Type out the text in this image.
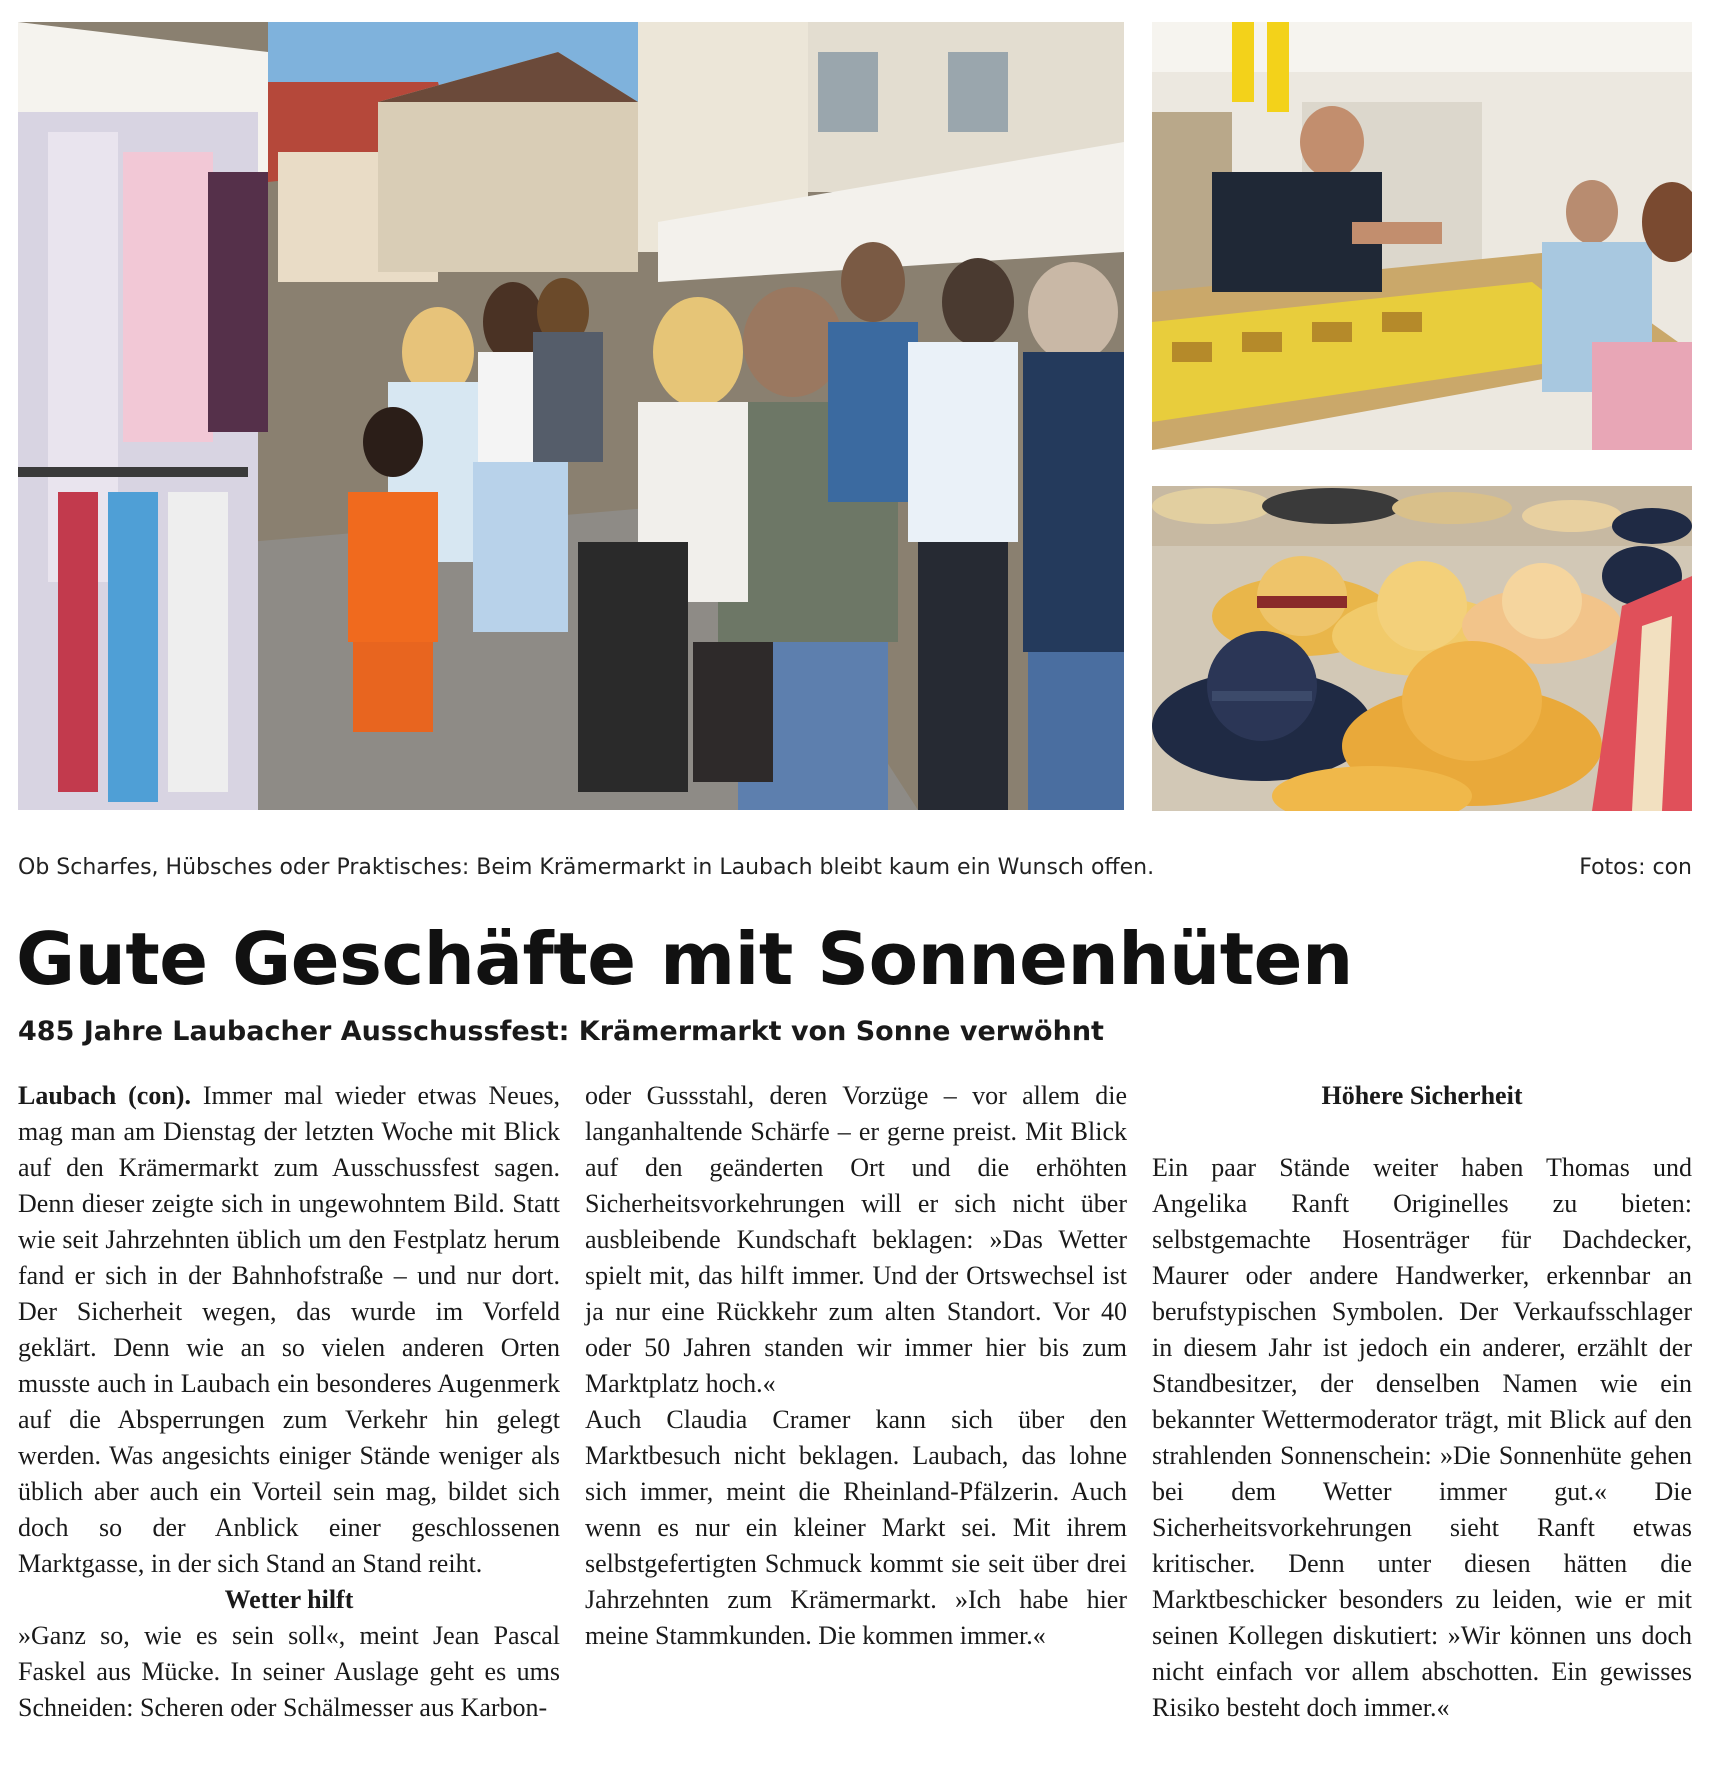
Ob Scharfes, Hübsches oder Praktisches: Beim Krämermarkt in Laubach bleibt kaum ein Wunsch offen.	Fotos: con
Gute Geschäfte mit Sonnenhüten
485 Jahre Laubacher Ausschussfest: Krämermarkt von Sonne verwöhnt

Laubach (con). Immer mal wieder etwas Neues, mag man am Dienstag der letzten Woche mit Blick auf den Krämermarkt zum Ausschussfest sagen. Denn dieser zeigte sich in ungewohntem Bild. Statt wie seit Jahrzehnten üblich um den Festplatz herum fand er sich in der Bahnhofstraße – und nur dort. Der Sicherheit wegen, das wurde im Vorfeld geklärt. Denn wie an so vielen anderen Orten musste auch in Laubach ein besonderes Augenmerk auf die Absperrungen zum Verkehr hin gelegt werden. Was angesichts einiger Stände weniger als üblich aber auch ein Vorteil sein mag, bildet sich doch so der Anblick einer geschlossenen Marktgasse, in der sich Stand an Stand reiht.

Wetter hilft

»Ganz so, wie es sein soll«, meint Jean Pascal Faskel aus Mücke. In seiner Auslage geht es ums Schneiden: Scheren oder Schälmesser aus Karbon-

oder Gussstahl, deren Vorzüge – vor allem die langanhaltende Schärfe – er gerne preist. Mit Blick auf den geänderten Ort und die erhöhten Sicherheitsvorkehrungen will er sich nicht über ausbleibende Kundschaft beklagen: »Das Wetter spielt mit, das hilft immer. Und der Ortswechsel ist ja nur eine Rückkehr zum alten Standort. Vor 40 oder 50 Jahren standen wir immer hier bis zum Marktplatz hoch.«

Auch Claudia Cramer kann sich über den Marktbesuch nicht beklagen. Laubach, das lohne sich immer, meint die Rheinland-Pfälzerin. Auch wenn es nur ein kleiner Markt sei. Mit ihrem selbstgefertigten Schmuck kommt sie seit über drei Jahrzehnten zum Krämermarkt. »Ich habe hier meine Stammkunden. Die kommen immer.«

Höhere Sicherheit

Ein paar Stände weiter haben Thomas und Angelika Ranft Originelles zu bieten: selbstgemachte Hosenträger für Dachdecker, Maurer oder andere Handwerker, erkennbar an berufstypischen Symbolen. Der Verkaufsschlager in diesem Jahr ist jedoch ein anderer, erzählt der Standbesitzer, der denselben Namen wie ein bekannter Wettermoderator trägt, mit Blick auf den strahlenden Sonnenschein: »Die Sonnenhüte gehen bei dem Wetter immer gut.« Die Sicherheitsvorkehrungen sieht Ranft etwas kritischer. Denn unter diesen hätten die Marktbeschicker besonders zu leiden, wie er mit seinen Kollegen diskutiert: »Wir können uns doch nicht einfach vor allem abschotten. Ein gewisses Risiko besteht doch immer.«
